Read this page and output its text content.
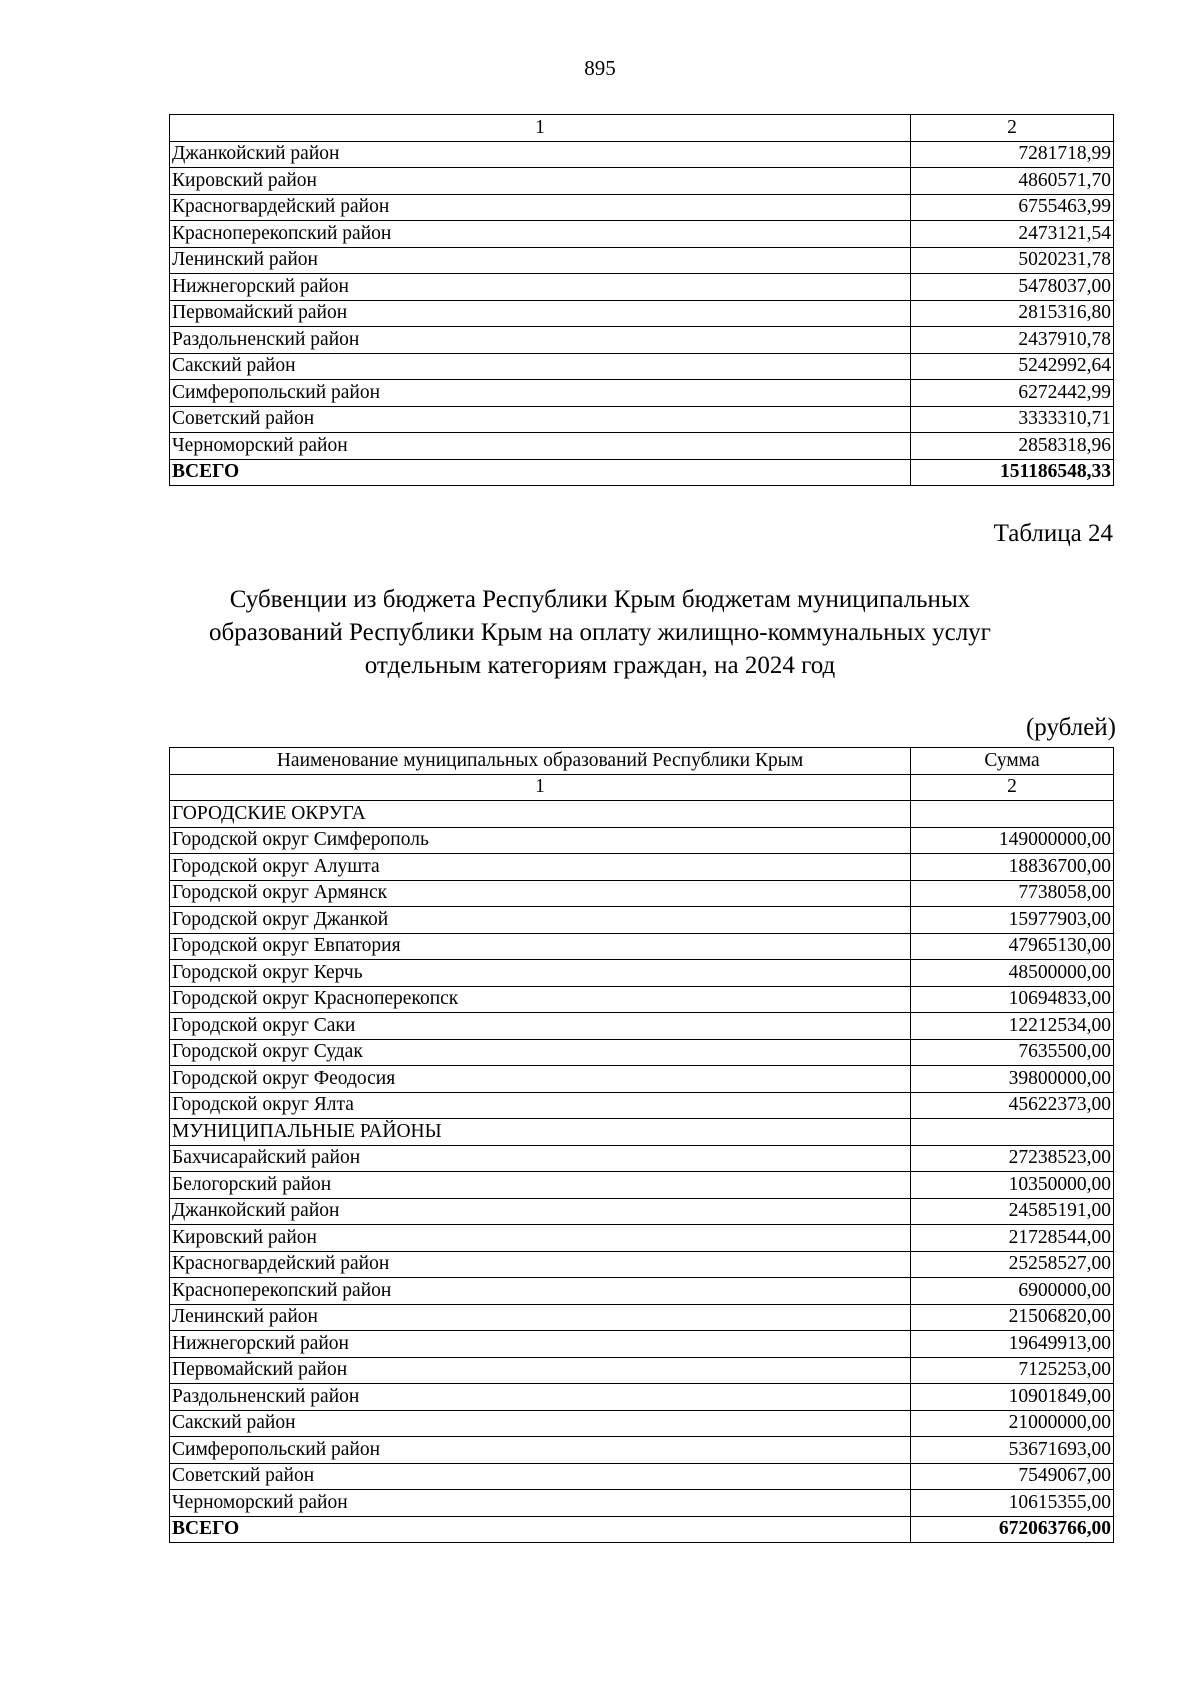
895
1	2
Джанкойский район	7281718,99
Кировский район	4860571,70
Красногвардейский район	6755463,99
Красноперекопский район	2473121,54
Ленинский район	5020231,78
Нижнегорский район	5478037,00
Первомайский район	2815316,80
Раздольненский район	2437910,78
Сакский район	5242992,64
Симферопольский район	6272442,99
Советский район	3333310,71
Черноморский район	2858318,96
ВСЕГО	151186548,33
Таблица 24
Субвенции из бюджета Республики Крым бюджетам муниципальных
образований Республики Крым на оплату жилищно-коммунальных услуг
отдельным категориям граждан, на 2024 год
(рублей)
Наименование муниципальных образований Республики Крым	Сумма
1	2
ГОРОДСКИЕ ОКРУГА	
Городской округ Симферополь	149000000,00
Городской округ Алушта	18836700,00
Городской округ Армянск	7738058,00
Городской округ Джанкой	15977903,00
Городской округ Евпатория	47965130,00
Городской округ Керчь	48500000,00
Городской округ Красноперекопск	10694833,00
Городской округ Саки	12212534,00
Городской округ Судак	7635500,00
Городской округ Феодосия	39800000,00
Городской округ Ялта	45622373,00
МУНИЦИПАЛЬНЫЕ РАЙОНЫ	
Бахчисарайский район	27238523,00
Белогорский район	10350000,00
Джанкойский район	24585191,00
Кировский район	21728544,00
Красногвардейский район	25258527,00
Красноперекопский район	6900000,00
Ленинский район	21506820,00
Нижнегорский район	19649913,00
Первомайский район	7125253,00
Раздольненский район	10901849,00
Сакский район	21000000,00
Симферопольский район	53671693,00
Советский район	7549067,00
Черноморский район	10615355,00
ВСЕГО	672063766,00
